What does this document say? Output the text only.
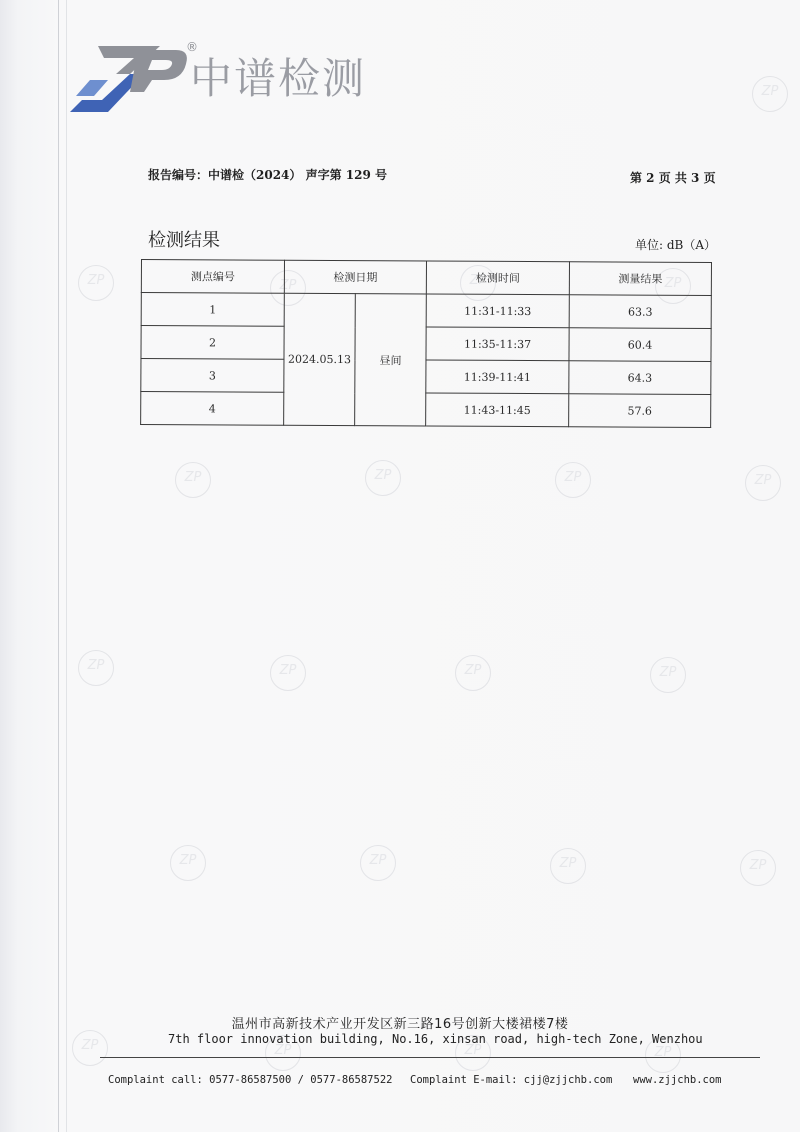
ZP
ZP
ZP
ZP
ZP
ZP
ZP
ZP
ZP
ZP
ZP
ZP
ZP
ZP
ZP
ZP
ZP
ZP
ZP
ZP
ZP
®
中谱检测
报告编号：中谱检（2024） 声字第 129 号	第 2 页 共 3 页
检测结果	单位: dB（A）
测点编号	检测日期		检测时间	测量结果
1	2024.05.13	昼间	11:31-11:33	63.3
2			11:35-11:37	60.4
3			11:39-11:41	64.3
4			11:43-11:45	57.6
温州市高新技术产业开发区新三路16号创新大楼裙楼7楼
7th floor innovation building, No.16, xinsan road, high-tech Zone, Wenzhou
Complaint call: 0577-86587500 / 0577-86587522 Complaint E-mail: cjj@zjjchb.com www.zjjchb.com
